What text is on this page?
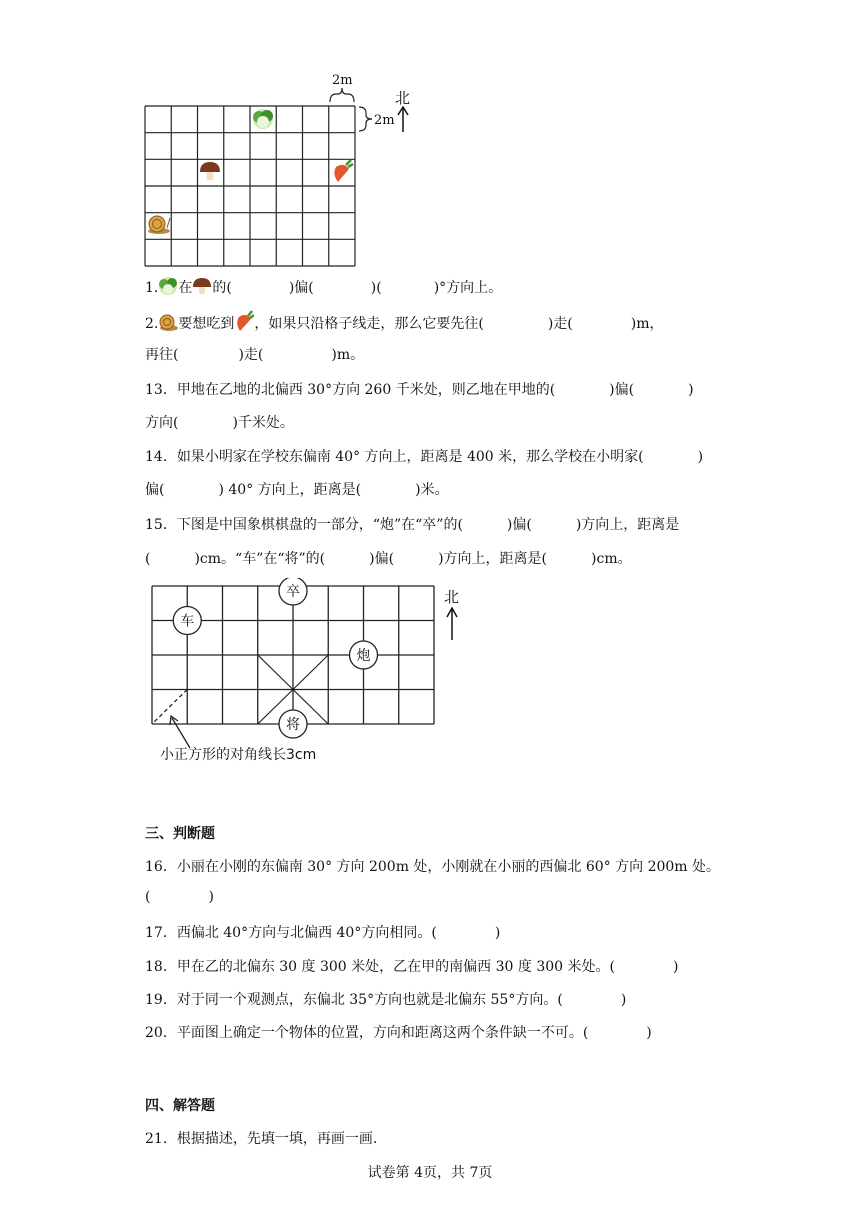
2m
2m
北
1. 在 的(	)偏(	)(	)°方向上。
2. 要想吃到 ，如果只沿格子线走，那么它要先往(	)走(	)m，
再往(	)走(	)m。
13．甲地在乙地的北偏西 30°方向 260 千米处，则乙地在甲地的(	)偏(	)
方向(	)千米处。
14．如果小明家在学校东偏南 40° 方向上，距离是 400 米，那么学校在小明家(	)
偏(	) 40° 方向上，距离是(	)米。
15．下图是中国象棋棋盘的一部分，“炮”在“卒”的(	)偏(	)方向上，距离是
(	)cm。“车”在“将”的(	)偏(	)方向上，距离是(	)cm。
卒
车
炮
将
北
小正方形的对角线长3cm
三、判断题
16．小丽在小刚的东偏南 30° 方向 200m 处，小刚就在小丽的西偏北 60° 方向 200m 处。
(	)
17．西偏北 40°方向与北偏西 40°方向相同。(	)
18．甲在乙的北偏东 30 度 300 米处，乙在甲的南偏西 30 度 300 米处。(	)
19．对于同一个观测点，东偏北 35°方向也就是北偏东 55°方向。(	)
20．平面图上确定一个物体的位置，方向和距离这两个条件缺一不可。(	)
四、解答题
21．根据描述，先填一填，再画一画.
试卷第 4页，共 7页
